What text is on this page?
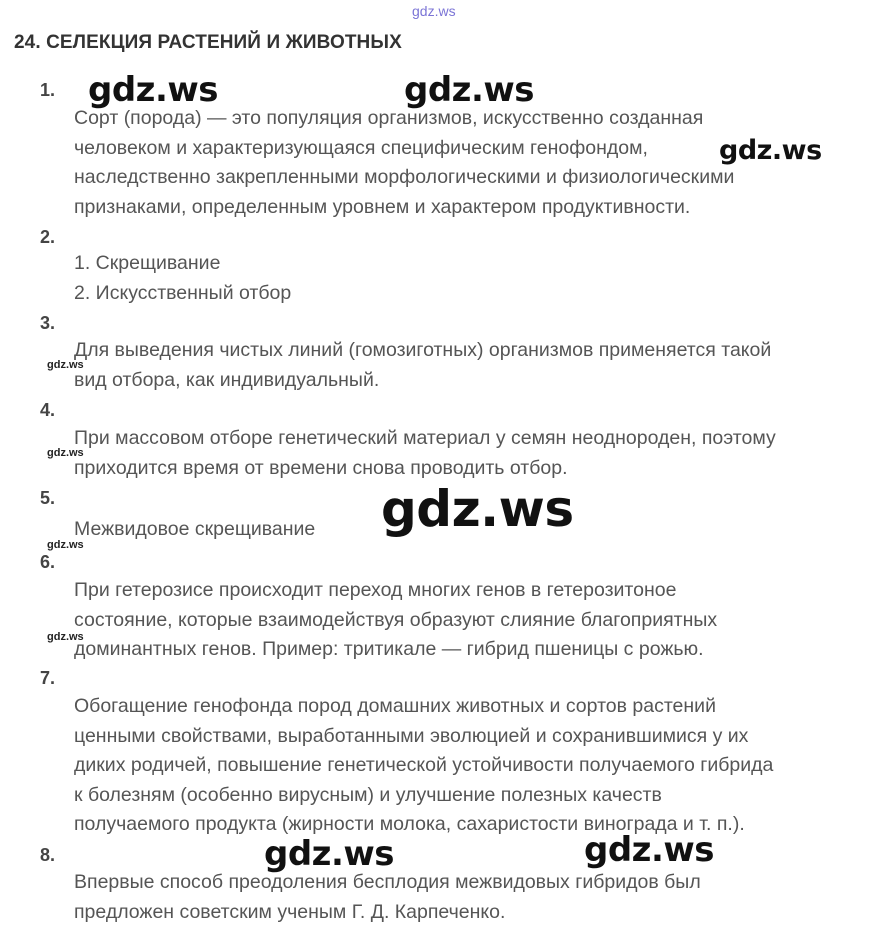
gdz.ws
24. СЕЛЕКЦИЯ РАСТЕНИЙ И ЖИВОТНЫХ
1.
Сорт (порода) — это популяция организмов, искусственно созданная
человеком и характеризующаяся специфическим генофондом,
наследственно закрепленными морфологическими и физиологическими
признаками, определенным уровнем и характером продуктивности.
2.
1. Скрещивание
2. Искусственный отбор
3.
Для выведения чистых линий (гомозиготных) организмов применяется такой
вид отбора, как индивидуальный.
4.
При массовом отборе генетический материал у семян неоднороден, поэтому
приходится время от времени снова проводить отбор.
5.
Межвидовое скрещивание
6.
При гетерозисе происходит переход многих генов в гетерозитоное
состояние, которые взаимодействуя образуют слияние благоприятных
доминантных генов. Пример: тритикале — гибрид пшеницы с рожью.
7.
Обогащение генофонда пород домашних животных и сортов растений
ценными свойствами, выработанными эволюцией и сохранившимися у их
диких родичей, повышение генетической устойчивости получаемого гибрида
к болезням (особенно вирусным) и улучшение полезных качеств
получаемого продукта (жирности молока, сахаристости винограда и т. п.).
8.
Впервые способ преодоления бесплодия межвидовых гибридов был
предложен советским ученым Г. Д. Карпеченко.
gdz.ws	gdz.ws
gdz.ws
gdz.ws
gdz.ws	gdz.ws
gdz.ws
gdz.ws
gdz.ws
gdz.ws
